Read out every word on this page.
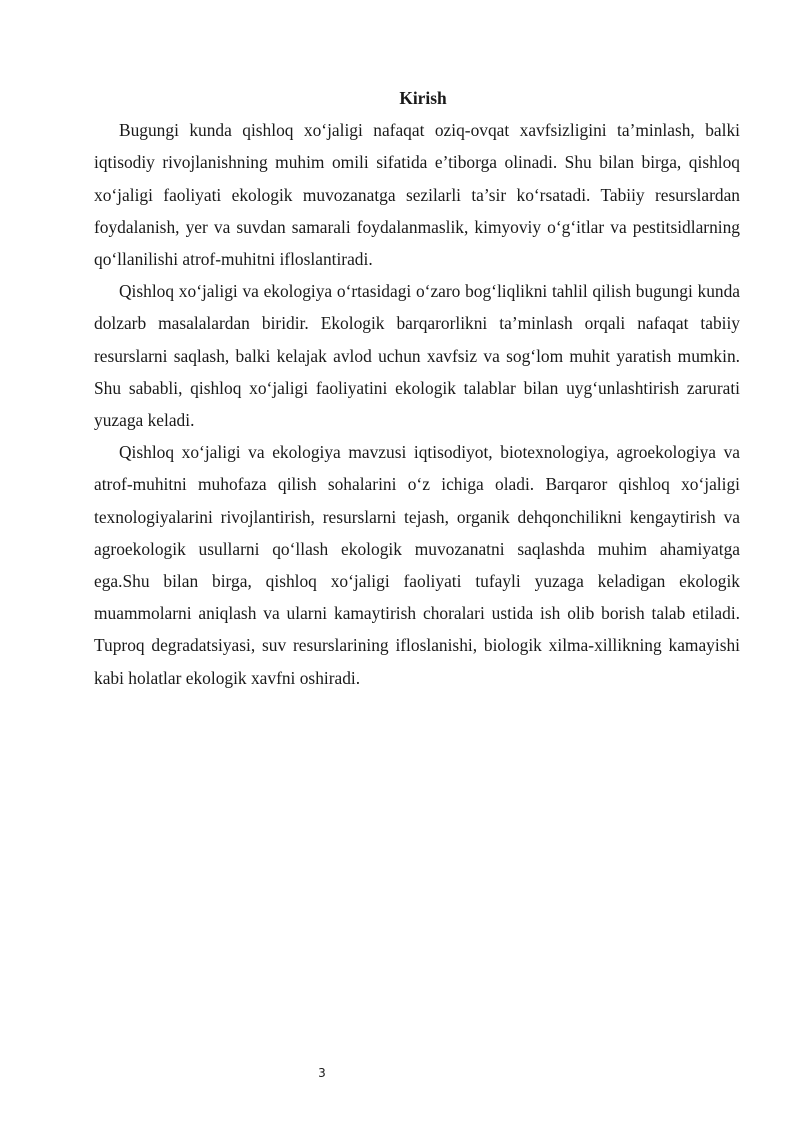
Kirish

Bugungi kunda qishloq xo‘jaligi nafaqat oziq-ovqat xavfsizligini ta’minlash, balki iqtisodiy rivojlanishning muhim omili sifatida e’tiborga olinadi. Shu bilan birga, qishloq xo‘jaligi faoliyati ekologik muvozanatga sezilarli ta’sir ko‘rsatadi. Tabiiy resurslardan foydalanish, yer va suvdan samarali foydalanmaslik, kimyoviy o‘g‘itlar va pestitsidlarning qo‘llanilishi atrof-muhitni ifloslantiradi.

Qishloq xo‘jaligi va ekologiya o‘rtasidagi o‘zaro bog‘liqlikni tahlil qilish bugungi kunda dolzarb masalalardan biridir. Ekologik barqarorlikni ta’minlash orqali nafaqat tabiiy resurslarni saqlash, balki kelajak avlod uchun xavfsiz va sog‘lom muhit yaratish mumkin. Shu sababli, qishloq xo‘jaligi faoliyatini ekologik talablar bilan uyg‘unlashtirish zarurati yuzaga keladi.

Qishloq xo‘jaligi va ekologiya mavzusi iqtisodiyot, biotexnologiya, agroekologiya va atrof-muhitni muhofaza qilish sohalarini o‘z ichiga oladi. Barqaror qishloq xo‘jaligi texnologiyalarini rivojlantirish, resurslarni tejash, organik dehqonchilikni kengaytirish va agroekologik usullarni qo‘llash ekologik muvozanatni saqlashda muhim ahamiyatga ega.Shu bilan birga, qishloq xo‘jaligi faoliyati tufayli yuzaga keladigan ekologik muammolarni aniqlash va ularni kamaytirish choralari ustida ish olib borish talab etiladi. Tuproq degradatsiyasi, suv resurslarining ifloslanishi, biologik xilma-xillikning kamayishi kabi holatlar ekologik xavfni oshiradi.

3
